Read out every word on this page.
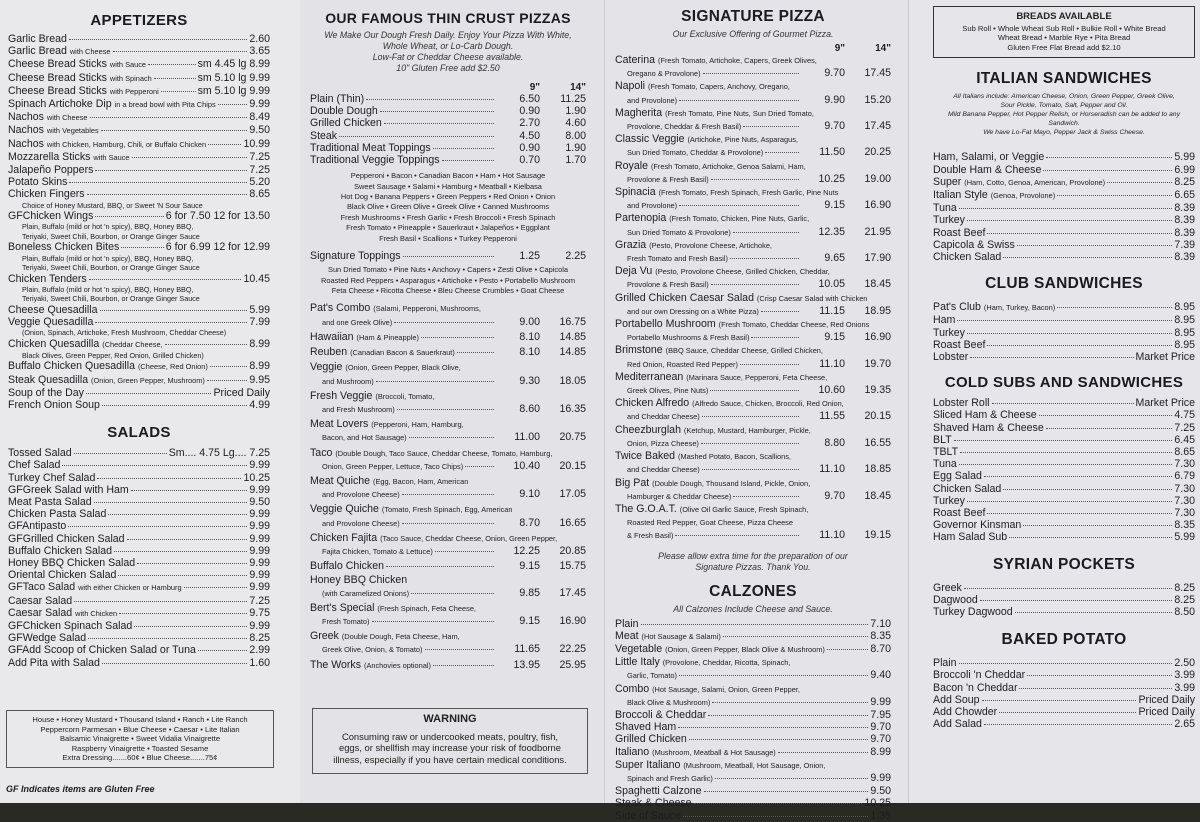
APPETIZERS
Garlic Bread	2.60
Garlic Bread with Cheese	3.65
Cheese Bread Sticks with Sauce	sm 4.45 lg 8.99
Cheese Bread Sticks with Spinach	sm 5.10 lg 9.99
Cheese Bread Sticks with Pepperoni	sm 5.10 lg 9.99
Spinach Artichoke Dip in a bread bowl with Pita Chips	9.99
Nachos with Cheese	8.49
Nachos with Vegetables	9.50
Nachos with Chicken, Hamburg, Chili, or Buffalo Chicken	10.99
Mozzarella Sticks with Sauce	7.25
Jalapeño Poppers	7.25
Potato Skins	5.20
Chicken Fingers	8.65
Choice of Honey Mustard, BBQ, or Sweet 'N Sour Sauce
GFChicken Wings	6 for 7.50 12 for 13.50
Plain, Buffalo (mild or hot 'n spicy), BBQ, Honey BBQ,
Teriyaki, Sweet Chili, Bourbon, or Orange Ginger Sauce
Boneless Chicken Bites	6 for 6.99 12 for 12.99
Plain, Buffalo (mild or hot 'n spicy), BBQ, Honey BBQ,
Teriyaki, Sweet Chili, Bourbon, or Orange Ginger Sauce
Chicken Tenders	10.45
Plain, Buffalo (mild or hot 'n spicy), BBQ, Honey BBQ,
Teriyaki, Sweet Chili, Bourbon, or Orange Ginger Sauce
Cheese Quesadilla	5.99
Veggie Quesadilla	7.99
(Onion, Spinach, Artichoke, Fresh Mushroom, Cheddar Cheese)
Chicken Quesadilla (Cheddar Cheese,	8.99
Black Olives, Green Pepper, Red Onion, Grilled Chicken)
Buffalo Chicken Quesadilla (Cheese, Red Onion)	8.99
Steak Quesadilla (Onion, Green Pepper, Mushroom)	9.95
Soup of the Day	Priced Daily
French Onion Soup	4.99
SALADS
Tossed Salad	Sm.... 4.75 Lg.... 7.25
Chef Salad	9.99
Turkey Chef Salad	10.25
GFGreek Salad with Ham	9.99
Meat Pasta Salad	9.50
Chicken Pasta Salad	9.99
GFAntipasto	9.99
GFGrilled Chicken Salad	9.99
Buffalo Chicken Salad	9.99
Honey BBQ Chicken Salad	9.99
Oriental Chicken Salad	9.99
GFTaco Salad with either Chicken or Hamburg	9.99
Caesar Salad	7.25
Caesar Salad with Chicken	9.75
GFChicken Spinach Salad	9.99
GFWedge Salad	8.25
GFAdd Scoop of Chicken Salad or Tuna	2.99
Add Pita with Salad	1.60
House • Honey Mustard • Thousand Island • Ranch • Lite Ranch
Peppercorn Parmesan • Blue Cheese • Caesar • Lite Italian
Balsamic Vinaigrette • Sweet Vidalia Vinaigrette
Raspberry Vinaigrette • Toasted Sesame
Extra Dressing.......60¢ • Blue Cheese.......75¢
GF Indicates items are Gluten Free
OUR FAMOUS THIN CRUST PIZZAS
We Make Our Dough Fresh Daily. Enjoy Your Pizza With White,
Whole Wheat, or Lo-Carb Dough.
Low-Fat or Cheddar Cheese available.
10" Gluten Free add $2.50
9"	14"
Plain (Thin)	6.50	11.25
Double Dough	0.90	1.90
Grilled Chicken	2.70	4.60
Steak	4.50	8.00
Traditional Meat Toppings	0.90	1.90
Traditional Veggie Toppings	0.70	1.70
Pepperoni • Bacon • Canadian Bacon • Ham • Hot Sausage
Sweet Sausage • Salami • Hamburg • Meatball • Kielbasa
Hot Dog • Banana Peppers • Green Peppers • Red Onion • Onion
Black Olive • Green Olive • Greek Olive • Canned Mushrooms
Fresh Mushrooms • Fresh Garlic • Fresh Broccoli • Fresh Spinach
Fresh Tomato • Pineapple • Sauerkraut • Jalapeños • Eggplant
Fresh Basil • Scallions • Turkey Pepperoni
Signature Toppings	1.25	2.25
Sun Dried Tomato • Pine Nuts • Anchovy • Capers • Zesti Olive • Capicola
Roasted Red Peppers • Asparagus • Artichoke • Pesto • Portabello Mushroom
Feta Cheese • Ricotta Cheese • Bleu Cheese Crumbles • Goat Cheese
Pat's Combo (Salami, Pepperoni, Mushrooms,
and one Greek Olive)	9.00	16.75
Hawaiian (Ham & Pineapple)	8.10	14.85
Reuben (Canadian Bacon & Sauerkraut)	8.10	14.85
Veggie (Onion, Green Pepper, Black Olive,
and Mushroom)	9.30	18.05
Fresh Veggie (Broccoli, Tomato,
and Fresh Mushroom)	8.60	16.35
Meat Lovers (Pepperoni, Ham, Hamburg,
Bacon, and Hot Sausage)	11.00	20.75
Taco (Double Dough, Taco Sauce, Cheddar Cheese, Tomato, Hamburg,
Onion, Green Pepper, Lettuce, Taco Chips)	10.40	20.15
Meat Quiche (Egg, Bacon, Ham, American
and Provolone Cheese)	9.10	17.05
Veggie Quiche (Tomato, Fresh Spinach, Egg, American
and Provolone Cheese)	8.70	16.65
Chicken Fajita (Taco Sauce, Cheddar Cheese, Onion, Green Pepper,
Fajita Chicken, Tomato & Lettuce)	12.25	20.85
Buffalo Chicken	9.15	15.75
Honey BBQ Chicken
(with Caramelized Onions)	9.85	17.45
Bert's Special (Fresh Spinach, Feta Cheese,
Fresh Tomato)	9.15	16.90
Greek (Double Dough, Feta Cheese, Ham,
Greek Olive, Onion, & Tomato)	11.65	22.25
The Works (Anchovies optional)	13.95	25.95
WARNING
Consuming raw or undercooked meats, poultry, fish,
eggs, or shellfish may increase your risk of foodborne
illness, especially if you have certain medical conditions.
SIGNATURE PIZZA
Our Exclusive Offering of Gourmet Pizza.
9"	14"
Caterina (Fresh Tomato, Artichoke, Capers, Greek Olives,
Oregano & Provolone)	9.70	17.45
Napoli (Fresh Tomato, Capers, Anchovy, Oregano,
and Provolone)	9.90	15.20
Magherita (Fresh Tomato, Pine Nuts, Sun Dried Tomato,
Provolone, Cheddar & Fresh Basil)	9.70	17.45
Classic Veggie (Artichoke, Pine Nuts, Asparagus,
Sun Dried Tomato, Cheddar & Provolone)	11.50	20.25
Royale (Fresh Tomato, Artichoke, Genoa Salami, Ham,
Provolone & Fresh Basil)	10.25	19.00
Spinacia (Fresh Tomato, Fresh Spinach, Fresh Garlic, Pine Nuts
and Provolone)	9.15	16.90
Partenopia (Fresh Tomato, Chicken, Pine Nuts, Garlic,
Sun Dried Tomato & Provolone)	12.35	21.95
Grazia (Pesto, Provolone Cheese, Artichoke,
Fresh Tomato and Fresh Basil)	9.65	17.90
Deja Vu (Pesto, Provolone Cheese, Grilled Chicken, Cheddar,
Provolone & Fresh Basil)	10.05	18.45
Grilled Chicken Caesar Salad (Crisp Caesar Salad with Chicken
and our own Dressing on a White Pizza)	11.15	18.95
Portabello Mushroom (Fresh Tomato, Cheddar Cheese, Red Onions
Portabello Mushrooms & Fresh Basil)	9.15	16.90
Brimstone (BBQ Sauce, Cheddar Cheese, Grilled Chicken,
Red Onion, Roasted Red Pepper)	11.10	19.70
Mediterranean (Marinara Sauce, Pepperoni, Feta Cheese,
Greek Olives, Pine Nuts)	10.60	19.35
Chicken Alfredo (Alfredo Sauce, Chicken, Broccoli, Red Onion,
and Cheddar Cheese)	11.55	20.15
Cheezburglah (Ketchup, Mustard, Hamburger, Pickle,
Onion, Pizza Cheese)	8.80	16.55
Twice Baked (Mashed Potato, Bacon, Scallions,
and Cheddar Cheese)	11.10	18.85
Big Pat (Double Dough, Thousand Island, Pickle, Onion,
Hamburger & Cheddar Cheese)	9.70	18.45
The G.O.A.T. (Olive Oil Garlic Sauce, Fresh Spinach,
Roasted Red Pepper, Goat Cheese, Pizza Cheese
& Fresh Basil)	11.10	19.15
Please allow extra time for the preparation of our
Signature Pizzas. Thank You.
CALZONES
All Calzones Include Cheese and Sauce.
Plain	7.10
Meat (Hot Sausage & Salami)	8.35
Vegetable (Onion, Green Pepper, Black Olive & Mushroom)	8.70
Little Italy (Provolone, Cheddar, Ricotta, Spinach,
Garlic, Tomato)	9.40
Combo (Hot Sausage, Salami, Onion, Green Pepper,
Black Olive & Mushroom)	9.99
Broccoli & Cheddar	7.95
Shaved Ham	9.70
Grilled Chicken	9.70
Italiano (Mushroom, Meatball & Hot Sausage)	8.99
Super Italiano (Mushroom, Meatball, Hot Sausage, Onion,
Spinach and Fresh Garlic)	9.99
Spaghetti Calzone	9.50
Steak & Cheese	10.25
Side of Sauce	1.35
BREADS AVAILABLE
Sub Roll • Whole Wheat Sub Roll • Bulkie Roll • White Bread
Wheat Bread • Marble Rye • Pita Bread
Gluten Free Flat Bread add $2.10
ITALIAN SANDWICHES
All Italians include: American Cheese, Onion, Green Pepper, Greek Olive,
Sour Pickle, Tomato, Salt, Pepper and Oil.
Mild Banana Pepper, Hot Pepper Relish, or Horseradish can be added to any Sandwich.
We have Lo-Fat Mayo, Pepper Jack & Swiss Cheese.
Ham, Salami, or Veggie	5.99
Double Ham & Cheese	6.99
Super (Ham, Cotto, Genoa, American, Provolone)	8.25
Italian Style (Genoa, Provolone)	6.65
Tuna	8.39
Turkey	8.39
Roast Beef	8.39
Capicola & Swiss	7.39
Chicken Salad	8.39
CLUB SANDWICHES
Pat's Club (Ham, Turkey, Bacon)	8.95
Ham	8.95
Turkey	8.95
Roast Beef	8.95
Lobster	Market Price
COLD SUBS AND SANDWICHES
Lobster Roll	Market Price
Sliced Ham & Cheese	4.75
Shaved Ham & Cheese	7.25
BLT	6.45
TBLT	8.65
Tuna	7.30
Egg Salad	6.79
Chicken Salad	7.30
Turkey	7.30
Roast Beef	7.30
Governor Kinsman	8.35
Ham Salad Sub	5.99
SYRIAN POCKETS
Greek	8.25
Dagwood	8.25
Turkey Dagwood	8.50
BAKED POTATO
Plain	2.50
Broccoli 'n Cheddar	3.99
Bacon 'n Cheddar	3.99
Add Soup	Priced Daily
Add Chowder	Priced Daily
Add Salad	2.65
